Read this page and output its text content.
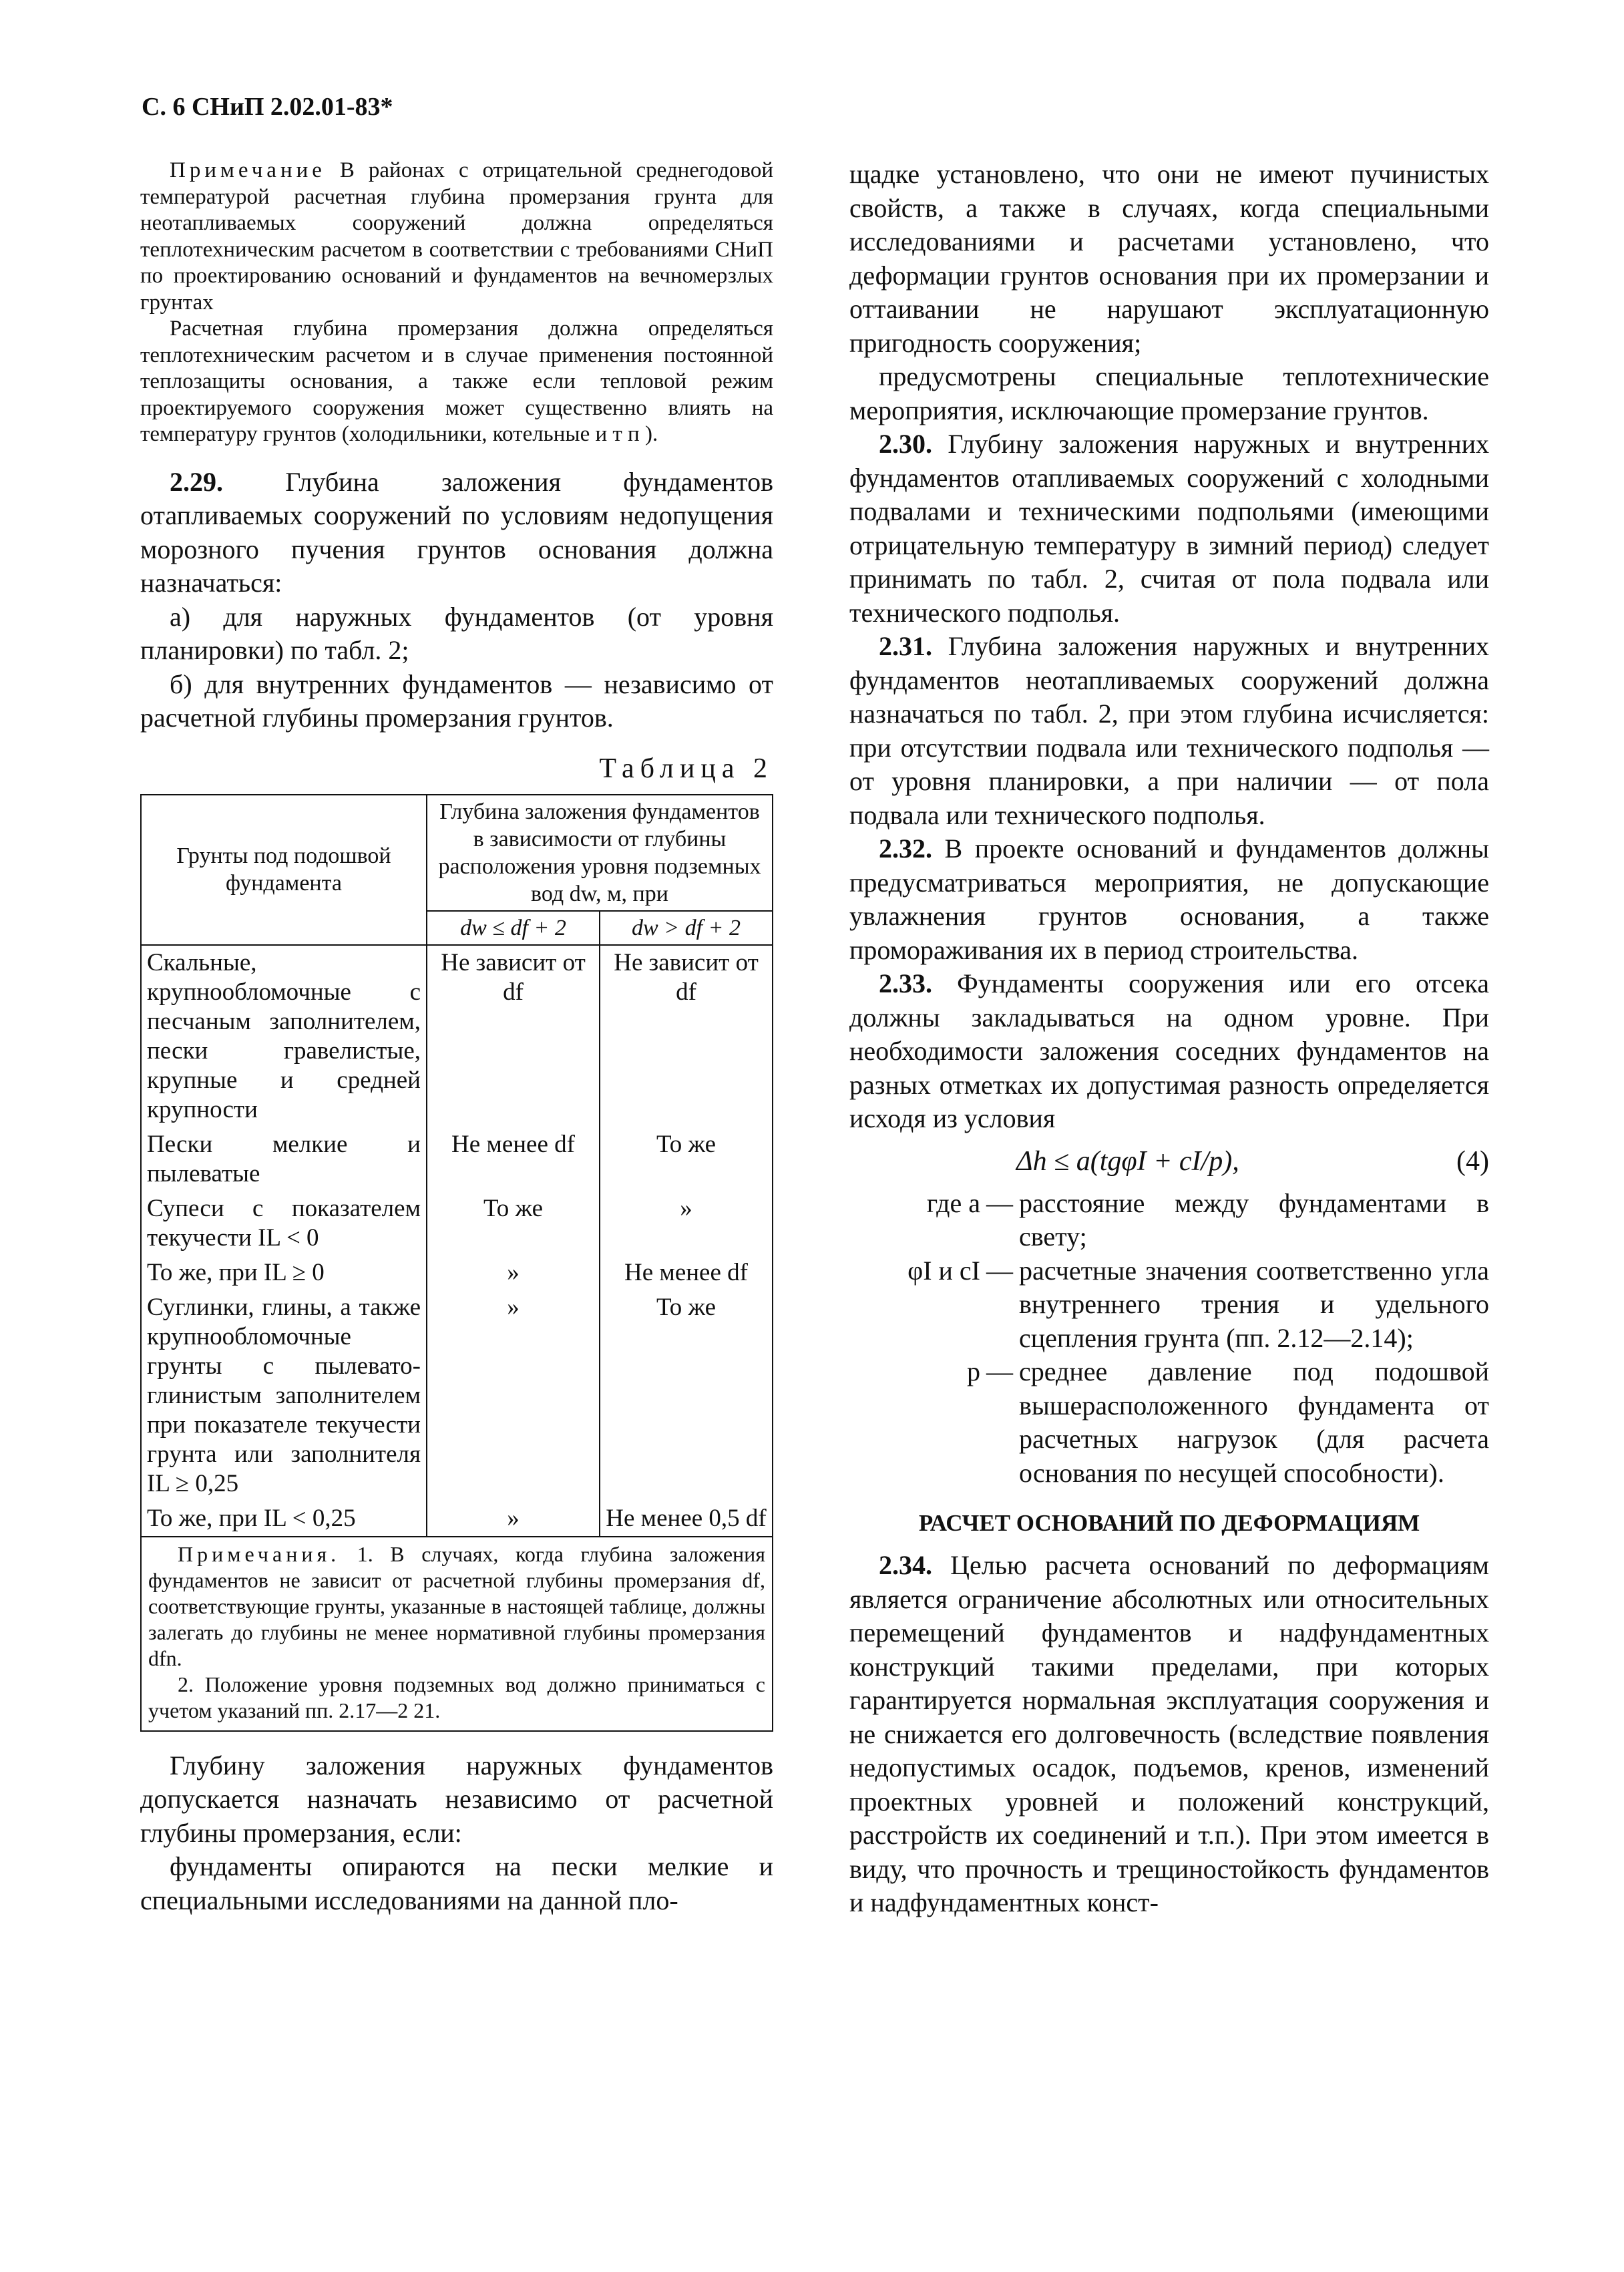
С. 6 СНиП 2.02.01-83*

Примечание В районах с отрицательной среднегодовой температурой расчетная глубина промерзания грунта для неотапливаемых сооружений должна определяться теплотехническим расчетом в соответствии с требованиями СНиП по проектированию оснований и фундаментов на вечномерзлых грунтах

Расчетная глубина промерзания должна определяться теплотехническим расчетом и в случае применения постоянной теплозащиты основания, а также если тепловой режим проектируемого сооружения может существенно влиять на температуру грунтов (холодильники, котельные и т п ).

2.29. Глубина заложения фундаментов отапливаемых сооружений по условиям недопущения морозного пучения грунтов основания должна назначаться:

а) для наружных фундаментов (от уровня планировки) по табл. 2;

б) для внутренних фундаментов — независимо от расчетной глубины промерзания грунтов.

Таблица 2
Грунты под подошвой фундамента	Глубина заложения фундаментов в зависимости от глубины расположения уровня подземных вод dw, м, при	
	dw ≤ df + 2	dw > df + 2
Скальные, крупнообломочные с песчаным заполнителем, пески гравелистые, крупные и средней крупности	Не зависит от df	Не зависит от df
Пески мелкие и пылеватые	Не менее df	То же
Супеси с показателем текучести IL < 0	То же	»
То же, при IL ≥ 0	»	Не менее df
Суглинки, глины, а также крупнообломочные грунты с пылевато-глинистым заполнителем при показателе текучести грунта или заполнителя IL ≥ 0,25	»	То же
То же, при IL < 0,25	»	Не менее 0,5 df

Примечания. 1. В случаях, когда глубина заложения фундаментов не зависит от расчетной глубины промерзания df, соответствующие грунты, указанные в настоящей таблице, должны залегать до глубины не менее нормативной глубины промерзания dfn.

2. Положение уровня подземных вод должно приниматься с учетом указаний пп. 2.17—2 21.

Глубину заложения наружных фундаментов допускается назначать независимо от расчетной глубины промерзания, если:

фундаменты опираются на пески мелкие и специальными исследованиями на данной пло-

щадке установлено, что они не имеют пучинистых свойств, а также в случаях, когда специальными исследованиями и расчетами установлено, что деформации грунтов основания при их промерзании и оттаивании не нарушают эксплуатационную пригодность сооружения;

предусмотрены специальные теплотехнические мероприятия, исключающие промерзание грунтов.

2.30. Глубину заложения наружных и внутренних фундаментов отапливаемых сооружений с холодными подвалами и техническими подпольями (имеющими отрицательную температуру в зимний период) следует принимать по табл. 2, считая от пола подвала или технического подполья.

2.31. Глубина заложения наружных и внутренних фундаментов неотапливаемых сооружений должна назначаться по табл. 2, при этом глубина исчисляется: при отсутствии подвала или технического подполья — от уровня планировки, а при наличии — от пола подвала или технического подполья.

2.32. В проекте оснований и фундаментов должны предусматриваться мероприятия, не допускающие увлажнения грунтов основания, а также промораживания их в период строительства.

2.33. Фундаменты сооружения или его отсека должны закладываться на одном уровне. При необходимости заложения соседних фундаментов на разных отметках их допустимая разность определяется исходя из условия

Δh ≤ a(tgφI + cI/p),	(4)
где a — расстояние между фундаментами в свету;
φI и cI — расчетные значения соответственно угла внутреннего трения и удельного сцепления грунта (пп. 2.12—2.14);
p — среднее давление под подошвой вышерасположенного фундамента от расчетных нагрузок (для расчета основания по несущей способности).
РАСЧЕТ ОСНОВАНИЙ ПО ДЕФОРМАЦИЯМ

2.34. Целью расчета оснований по деформациям является ограничение абсолютных или относительных перемещений фундаментов и надфундаментных конструкций такими пределами, при которых гарантируется нормальная эксплуатация сооружения и не снижается его долговечность (вследствие появления недопустимых осадок, подъемов, кренов, изменений проектных уровней и положений конструкций, расстройств их соединений и т.п.). При этом имеется в виду, что прочность и трещиностойкость фундаментов и надфундаментных конст-
